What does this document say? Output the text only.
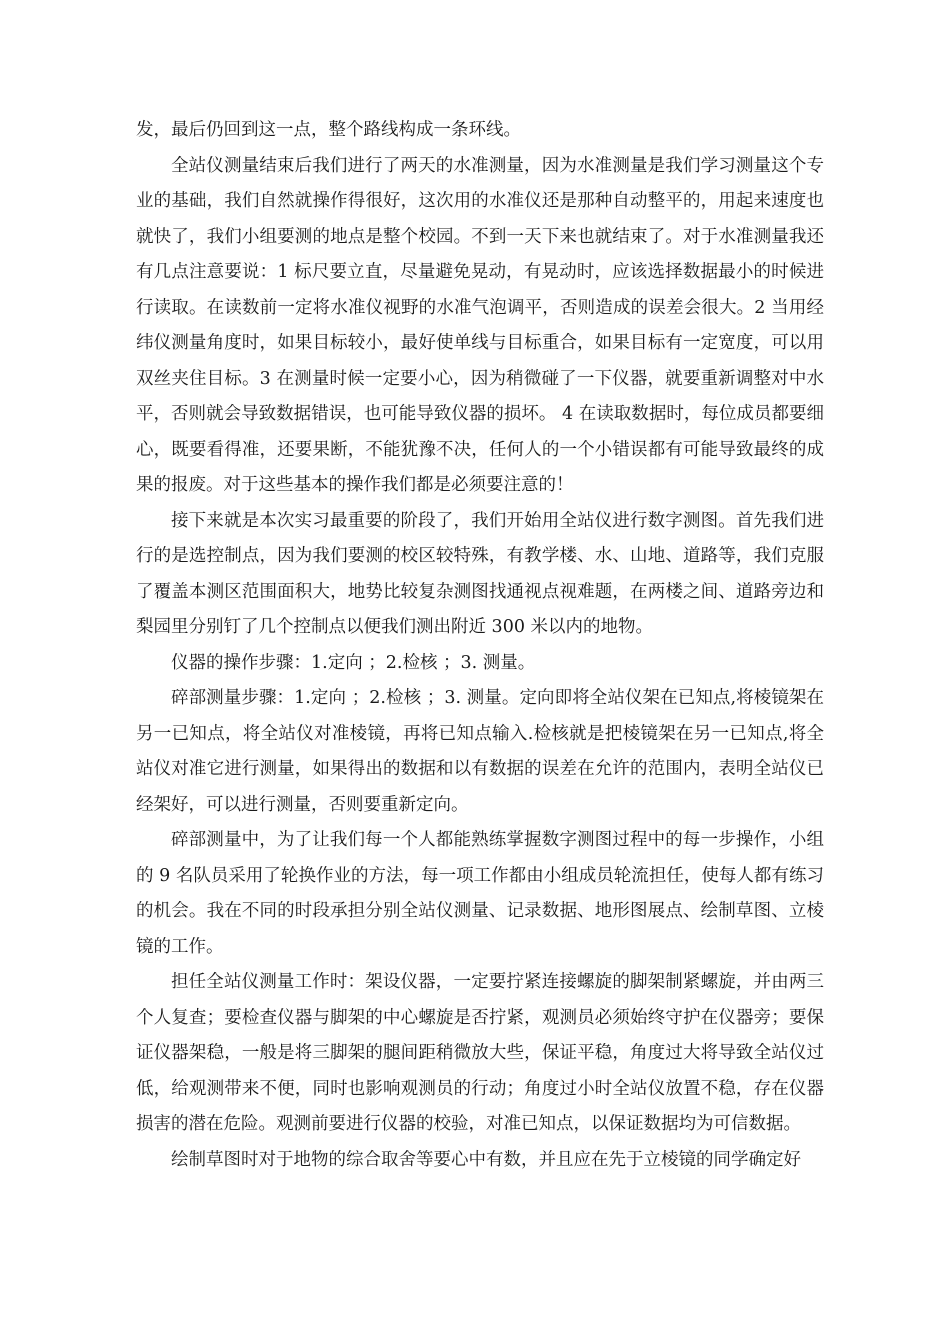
发，最后仍回到这一点，整个路线构成一条环线。

全站仪测量结束后我们进行了两天的水准测量，因为水准测量是我们学习测量这个专业的基础，我们自然就操作得很好，这次用的水准仪还是那种自动整平的，用起来速度也就快了，我们小组要测的地点是整个校园。不到一天下来也就结束了。对于水准测量我还有几点注意要说：1 标尺要立直，尽量避免晃动，有晃动时，应该选择数据最小的时候进行读取。在读数前一定将水准仪视野的水准气泡调平，否则造成的误差会很大。2 当用经纬仪测量角度时，如果目标较小，最好使单线与目标重合，如果目标有一定宽度，可以用双丝夹住目标。3 在测量时候一定要小心，因为稍微碰了一下仪器，就要重新调整对中水平，否则就会导致数据错误，也可能导致仪器的损坏。 4 在读取数据时，每位成员都要细心，既要看得准，还要果断，不能犹豫不决，任何人的一个小错误都有可能导致最终的成果的报废。对于这些基本的操作我们都是必须要注意的！

接下来就是本次实习最重要的阶段了，我们开始用全站仪进行数字测图。首先我们进行的是选控制点，因为我们要测的校区较特殊，有教学楼、水、山地、道路等，我们克服了覆盖本测区范围面积大，地势比较复杂测图找通视点视难题，在两楼之间、道路旁边和梨园里分别钉了几个控制点以便我们测出附近 300 米以内的地物。

仪器的操作步骤：1.定向 ；2.检核 ；3. 测量。

碎部测量步骤：1.定向 ；2.检核 ；3. 测量。定向即将全站仪架在已知点,将棱镜架在另一已知点，将全站仪对准棱镜，再将已知点输入.检核就是把棱镜架在另一已知点,将全站仪对准它进行测量，如果得出的数据和以有数据的误差在允许的范围内，表明全站仪已经架好，可以进行测量，否则要重新定向。

碎部测量中，为了让我们每一个人都能熟练掌握数字测图过程中的每一步操作，小组的 9 名队员采用了轮换作业的方法，每一项工作都由小组成员轮流担任，使每人都有练习的机会。我在不同的时段承担分别全站仪测量、记录数据、地形图展点、绘制草图、立棱镜的工作。

担任全站仪测量工作时：架设仪器，一定要拧紧连接螺旋的脚架制紧螺旋，并由两三个人复查；要检查仪器与脚架的中心螺旋是否拧紧，观测员必须始终守护在仪器旁；要保证仪器架稳，一般是将三脚架的腿间距稍微放大些，保证平稳，角度过大将导致全站仪过低，给观测带来不便，同时也影响观测员的行动；角度过小时全站仪放置不稳，存在仪器损害的潜在危险。观测前要进行仪器的校验，对准已知点，以保证数据均为可信数据。

绘制草图时对于地物的综合取舍等要心中有数，并且应在先于立棱镜的同学确定好
